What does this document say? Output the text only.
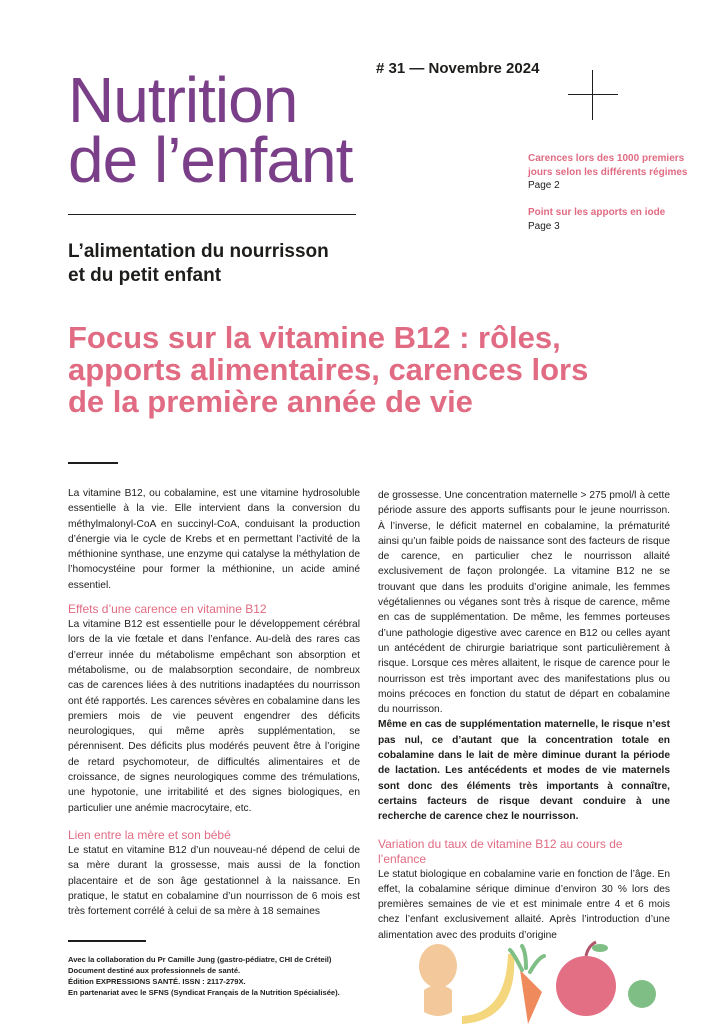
Nutrition
de l’enfant
# 31 — Novembre 2024
L’alimentation du nourrisson
et du petit enfant
Carences lors des 1000 premiers jours selon les différents régimes
Page 2
Point sur les apports en iode
Page 3
Focus sur la vitamine B12 : rôles, apports alimentaires, carences lors de la première année de vie

La vitamine B12, ou cobalamine, est une vitamine hydrosoluble essentielle à la vie. Elle intervient dans la conversion du méthylmalonyl-CoA en succinyl-CoA, conduisant la production d’énergie via le cycle de Krebs et en permettant l’activité de la méthionine synthase, une enzyme qui catalyse la méthylation de l’homocystéine pour former la méthionine, un acide aminé essentiel.

Effets d’une carence en vitamine B12

La vitamine B12 est essentielle pour le développement cérébral lors de la vie fœtale et dans l’enfance. Au-delà des rares cas d’erreur innée du métabolisme empêchant son absorption et métabolisme, ou de malabsorption secondaire, de nombreux cas de carences liées à des nutritions inadaptées du nourrisson ont été rapportés. Les carences sévères en cobalamine dans les premiers mois de vie peuvent engendrer des déficits neurologiques, qui même après supplémentation, se pérennisent. Des déficits plus modérés peuvent être à l’origine de retard psychomoteur, de difficultés alimentaires et de croissance, de signes neurologiques comme des trémulations, une hypotonie, une irritabilité et des signes biologiques, en particulier une anémie macrocytaire, etc.

Lien entre la mère et son bébé

Le statut en vitamine B12 d’un nouveau-né dépend de celui de sa mère durant la grossesse, mais aussi de la fonction placentaire et de son âge gestationnel à la naissance. En pratique, le statut en cobalamine d’un nourrisson de 6 mois est très fortement corrélé à celui de sa mère à 18 semaines

de grossesse. Une concentration maternelle > 275 pmol/l à cette période assure des apports suffisants pour le jeune nourrisson. À l’inverse, le déficit maternel en cobalamine, la prématurité ainsi qu’un faible poids de naissance sont des facteurs de risque de carence, en particulier chez le nourrisson allaité exclusivement de façon prolongée. La vitamine B12 ne se trouvant que dans les produits d’origine animale, les femmes végétaliennes ou véganes sont très à risque de carence, même en cas de supplémentation. De même, les femmes porteuses d’une pathologie digestive avec carence en B12 ou celles ayant un antécédent de chirurgie bariatrique sont particulièrement à risque. Lorsque ces mères allaitent, le risque de carence pour le nourrisson est très important avec des manifestations plus ou moins précoces en fonction du statut de départ en cobalamine du nourrisson.

Même en cas de supplémentation maternelle, le risque n’est pas nul, ce d’autant que la concentration totale en cobalamine dans le lait de mère diminue durant la période de lactation. Les antécédents et modes de vie maternels sont donc des éléments très importants à connaître, certains facteurs de risque devant conduire à une recherche de carence chez le nourrisson.

Variation du taux de vitamine B12 au cours de l’enfance

Le statut biologique en cobalamine varie en fonction de l’âge. En effet, la cobalamine sérique diminue d’environ 30 % lors des premières semaines de vie et est minimale entre 4 et 6 mois chez l’enfant exclusivement allaité. Après l’introduction d’une alimentation avec des produits d’origine

Avec la collaboration du Pr Camille Jung (gastro-pédiatre, CHI de Créteil)
Document destiné aux professionnels de santé.
Édition EXPRESSIONS SANTÉ. ISSN : 2117-279X.
En partenariat avec le SFNS (Syndicat Français de la Nutrition Spécialisée).
